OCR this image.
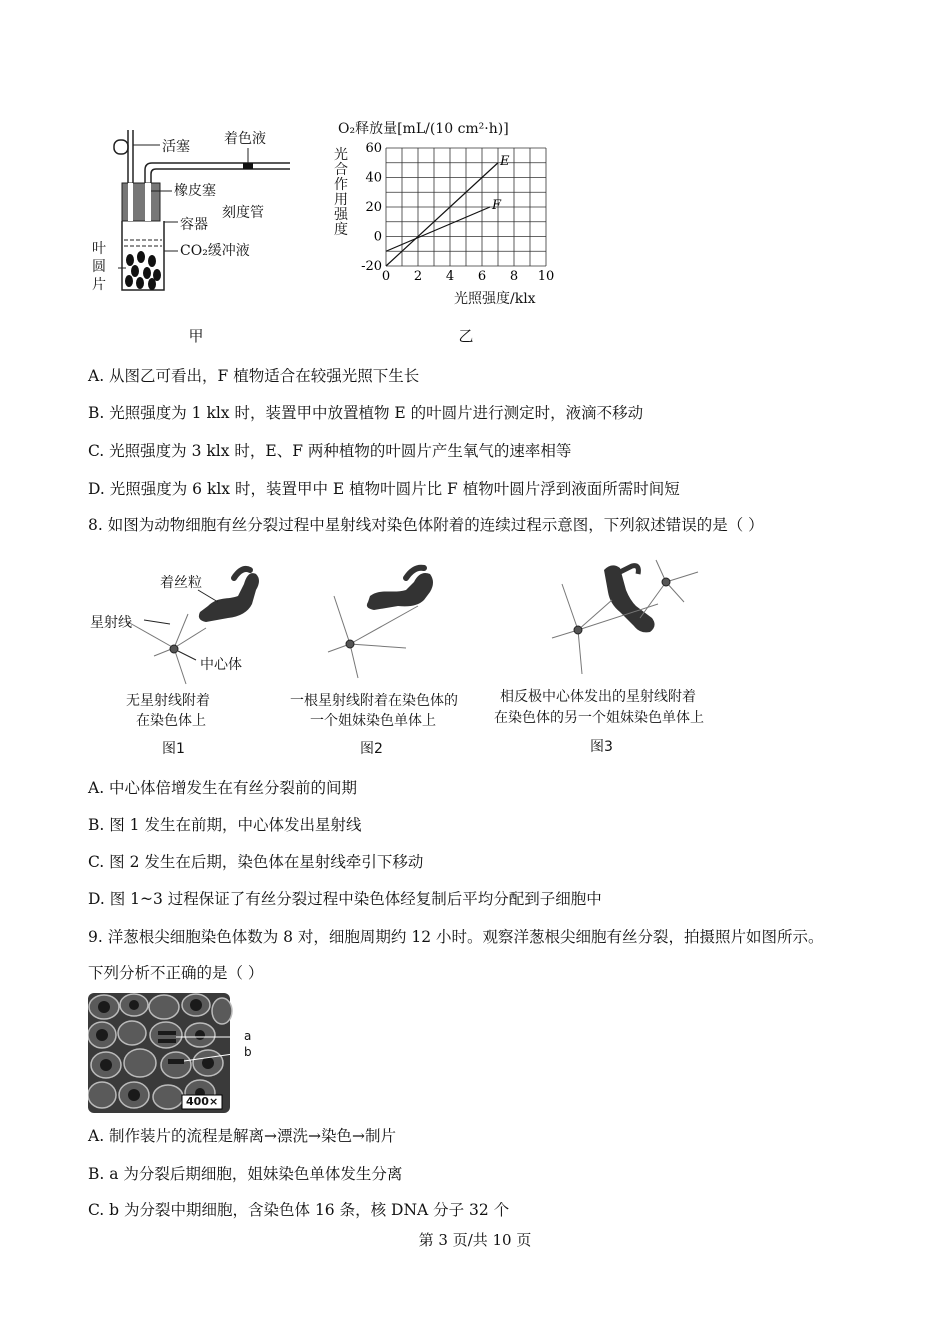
活塞 着色液
橡皮塞
刻度管
容器
CO₂缓冲液
叶
圆
片
甲
O₂释放量[mL/(10 cm²·h)]
光合作用强度
0 2 4 6 8 10
-20
0
20
40
60
E
F
光照强度/klx
乙
A. 从图乙可看出，F 植物适合在较强光照下生长
B. 光照强度为 1 klx 时，装置甲中放置植物 E 的叶圆片进行测定时，液滴不移动
C. 光照强度为 3 klx 时，E、F 两种植物的叶圆片产生氧气的速率相等
D. 光照强度为 6 klx 时，装置甲中 E 植物叶圆片比 F 植物叶圆片浮到液面所需时间短
8. 如图为动物细胞有丝分裂过程中星射线对染色体附着的连续过程示意图，下列叙述错误的是（ ）
着丝粒
星射线
中心体
无星射线附着
在染色体上
图1
一根星射线附着在染色体的
一个姐妹染色单体上
图2
相反极中心体发出的星射线附着
在染色体的另一个姐妹染色单体上
图3
A. 中心体倍增发生在有丝分裂前的间期
B. 图 1 发生在前期，中心体发出星射线
C. 图 2 发生在后期，染色体在星射线牵引下移动
D. 图 1~3 过程保证了有丝分裂过程中染色体经复制后平均分配到子细胞中
9. 洋葱根尖细胞染色体数为 8 对，细胞周期约 12 小时。观察洋葱根尖细胞有丝分裂，拍摄照片如图所示。
下列分析不正确的是（ ）
a
b
400×
A. 制作装片的流程是解离→漂洗→染色→制片
B. a 为分裂后期细胞，姐妹染色单体发生分离
C. b 为分裂中期细胞，含染色体 16 条，核 DNA 分子 32 个
第 3 页/共 10 页
